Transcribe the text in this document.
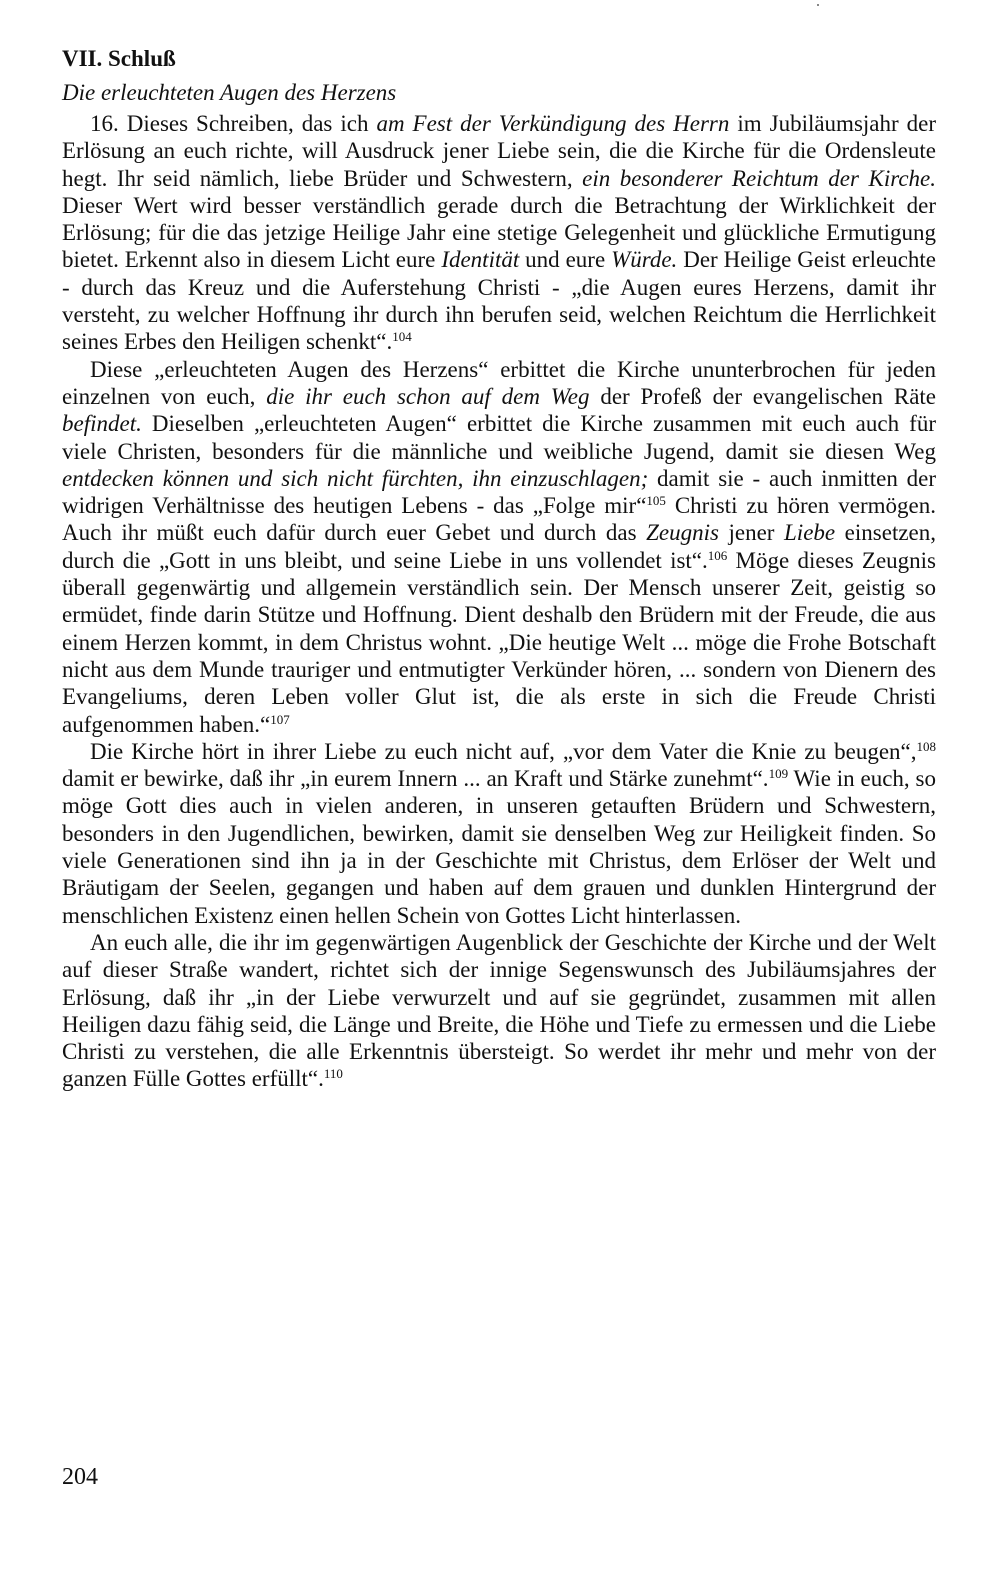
VII. Schluß

Die erleuchteten Augen des Herzens

16. Dieses Schreiben, das ich am Fest der Verkündigung des Herrn im Jubiläumsjahr der Erlösung an euch richte, will Ausdruck jener Liebe sein, die die Kirche für die Ordensleute hegt. Ihr seid nämlich, liebe Brüder und Schwestern, ein besonderer Reichtum der Kirche. Dieser Wert wird besser verständlich gerade durch die Betrachtung der Wirklichkeit der Erlösung; für die das jetzige Heilige Jahr eine stetige Gelegenheit und glückliche Ermutigung bietet. Erkennt also in diesem Licht eure Identität und eure Würde. Der Heilige Geist erleuchte - durch das Kreuz und die Auferstehung Christi - „die Augen eures Herzens, damit ihr versteht, zu welcher Hoffnung ihr durch ihn berufen seid, welchen Reichtum die Herrlichkeit seines Erbes den Heiligen schenkt“.$^{104}$

Diese „erleuchteten Augen des Herzens“ erbittet die Kirche ununterbrochen für jeden einzelnen von euch, die ihr euch schon auf dem Weg der Profeß der evangelischen Räte befindet. Dieselben „erleuchteten Augen“ erbittet die Kirche zusammen mit euch auch für viele Christen, besonders für die männliche und weibliche Jugend, damit sie diesen Weg entdecken können und sich nicht fürchten, ihn einzuschlagen; damit sie - auch inmitten der widrigen Verhältnisse des heutigen Lebens - das „Folge mir“$^{105}$ Christi zu hören vermögen. Auch ihr müßt euch dafür durch euer Gebet und durch das Zeugnis jener Liebe einsetzen, durch die „Gott in uns bleibt, und seine Liebe in uns vollendet ist“.$^{106}$ Möge dieses Zeugnis überall gegenwärtig und allgemein verständlich sein. Der Mensch unserer Zeit, geistig so ermüdet, finde darin Stütze und Hoffnung. Dient deshalb den Brüdern mit der Freude, die aus einem Herzen kommt, in dem Christus wohnt. „Die heutige Welt ... möge die Frohe Botschaft nicht aus dem Munde trauriger und entmutigter Verkünder hören, ... sondern von Dienern des Evangeliums, deren Leben voller Glut ist, die als erste in sich die Freude Christi aufgenommen haben.“$^{107}$

Die Kirche hört in ihrer Liebe zu euch nicht auf, „vor dem Vater die Knie zu beugen“,$^{108}$ damit er bewirke, daß ihr „in eurem Innern ... an Kraft und Stärke zunehmt“.$^{109}$ Wie in euch, so möge Gott dies auch in vielen anderen, in unseren getauften Brüdern und Schwestern, besonders in den Jugendlichen, bewirken, damit sie denselben Weg zur Heiligkeit finden. So viele Generationen sind ihn ja in der Geschichte mit Christus, dem Erlöser der Welt und Bräutigam der Seelen, gegangen und haben auf dem grauen und dunklen Hintergrund der menschlichen Existenz einen hellen Schein von Gottes Licht hinterlassen.

An euch alle, die ihr im gegenwärtigen Augenblick der Geschichte der Kirche und der Welt auf dieser Straße wandert, richtet sich der innige Segenswunsch des Jubiläumsjahres der Erlösung, daß ihr „in der Liebe verwurzelt und auf sie gegründet, zusammen mit allen Heiligen dazu fähig seid, die Länge und Breite, die Höhe und Tiefe zu ermessen und die Liebe Christi zu verstehen, die alle Erkenntnis übersteigt. So werdet ihr mehr und mehr von der ganzen Fülle Gottes erfüllt“.$^{110}$

204
